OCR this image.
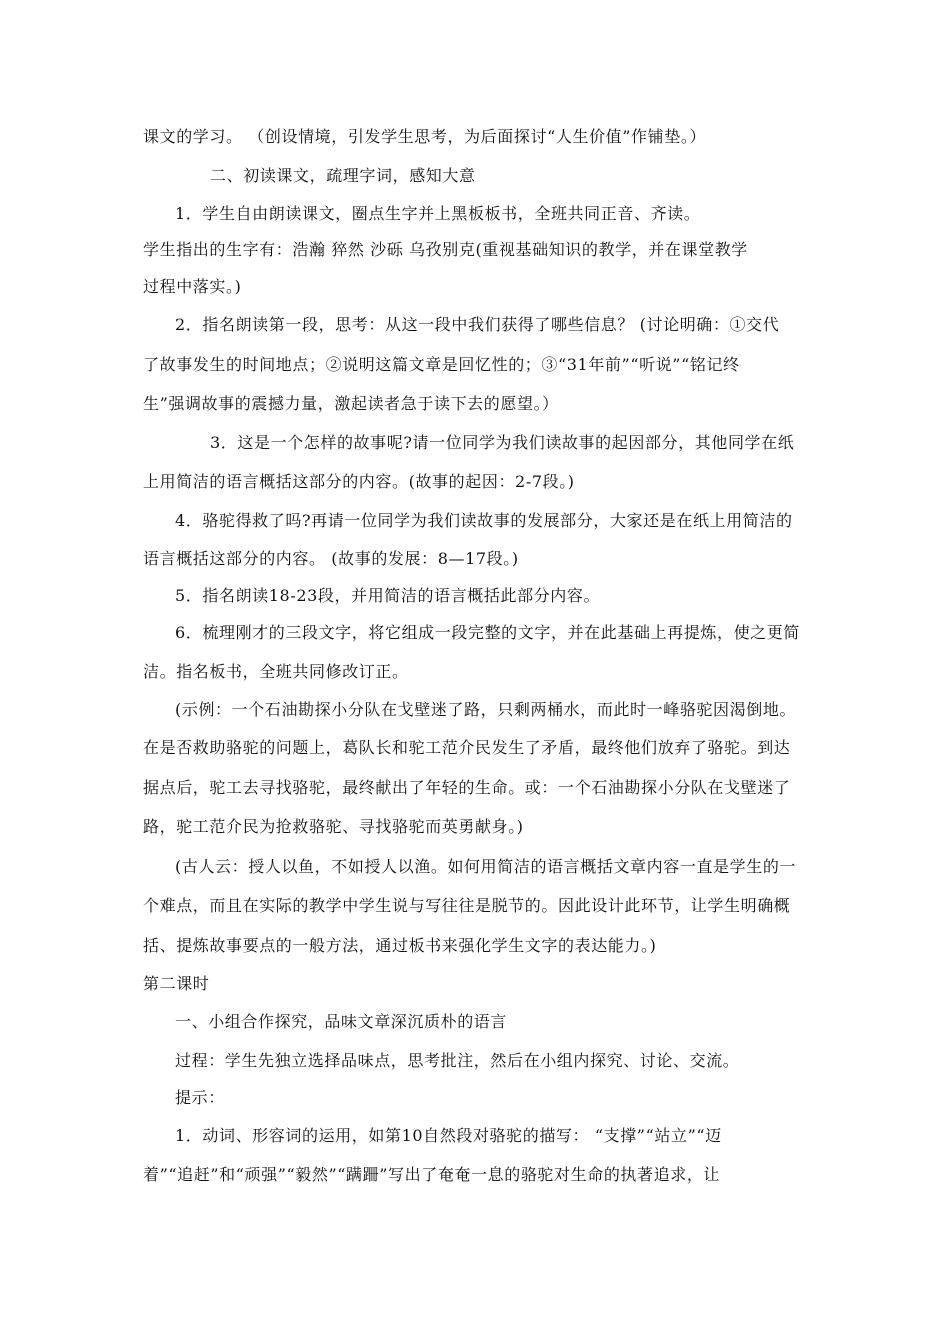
课文的学习。 （创设情境，引发学生思考，为后面探讨“人生价值”作铺垫。）
二、初读课文，疏理字词，感知大意
1．学生自由朗读课文，圈点生字并上黑板板书，全班共同正音、齐读。
学生指出的生字有：浩瀚 猝然 沙砾 乌孜别克(重视基础知识的教学，并在课堂教学
过程中落实。)
2．指名朗读第一段，思考：从这一段中我们获得了哪些信息？ (讨论明确：①交代
了故事发生的时间地点；②说明这篇文章是回忆性的；③“31年前”“听说”“铭记终
生”强调故事的震撼力量，激起读者急于读下去的愿望。）
3．这是一个怎样的故事呢?请一位同学为我们读故事的起因部分，其他同学在纸
上用简洁的语言概括这部分的内容。(故事的起因：2-7段。)
4．骆驼得救了吗?再请一位同学为我们读故事的发展部分，大家还是在纸上用简洁的
语言概括这部分的内容。 (故事的发展：8—17段。)
5．指名朗读18-23段，并用简洁的语言概括此部分内容。
6．梳理刚才的三段文字，将它组成一段完整的文字，并在此基础上再提炼，使之更简
洁。指名板书，全班共同修改订正。
(示例：一个石油勘探小分队在戈壁迷了路，只剩两桶水，而此时一峰骆驼因渴倒地。
在是否救助骆驼的问题上，葛队长和驼工范介民发生了矛盾，最终他们放弃了骆驼。到达
据点后，驼工去寻找骆驼，最终献出了年轻的生命。或：一个石油勘探小分队在戈壁迷了
路，驼工范介民为抢救骆驼、寻找骆驼而英勇献身。)
(古人云：授人以鱼，不如授人以渔。如何用简洁的语言概括文章内容一直是学生的一
个难点，而且在实际的教学中学生说与写往往是脱节的。因此设计此环节，让学生明确概
括、提炼故事要点的一般方法，通过板书来强化学生文字的表达能力。)
第二课时
一、小组合作探究，品味文章深沉质朴的语言
过程：学生先独立选择品味点，思考批注，然后在小组内探究、讨论、交流。
提示：
1．动词、形容词的运用，如第10自然段对骆驼的描写： “支撑”“站立”“迈
着”“追赶”和“顽强”“毅然”“蹒跚”写出了奄奄一息的骆驼对生命的执著追求，让
